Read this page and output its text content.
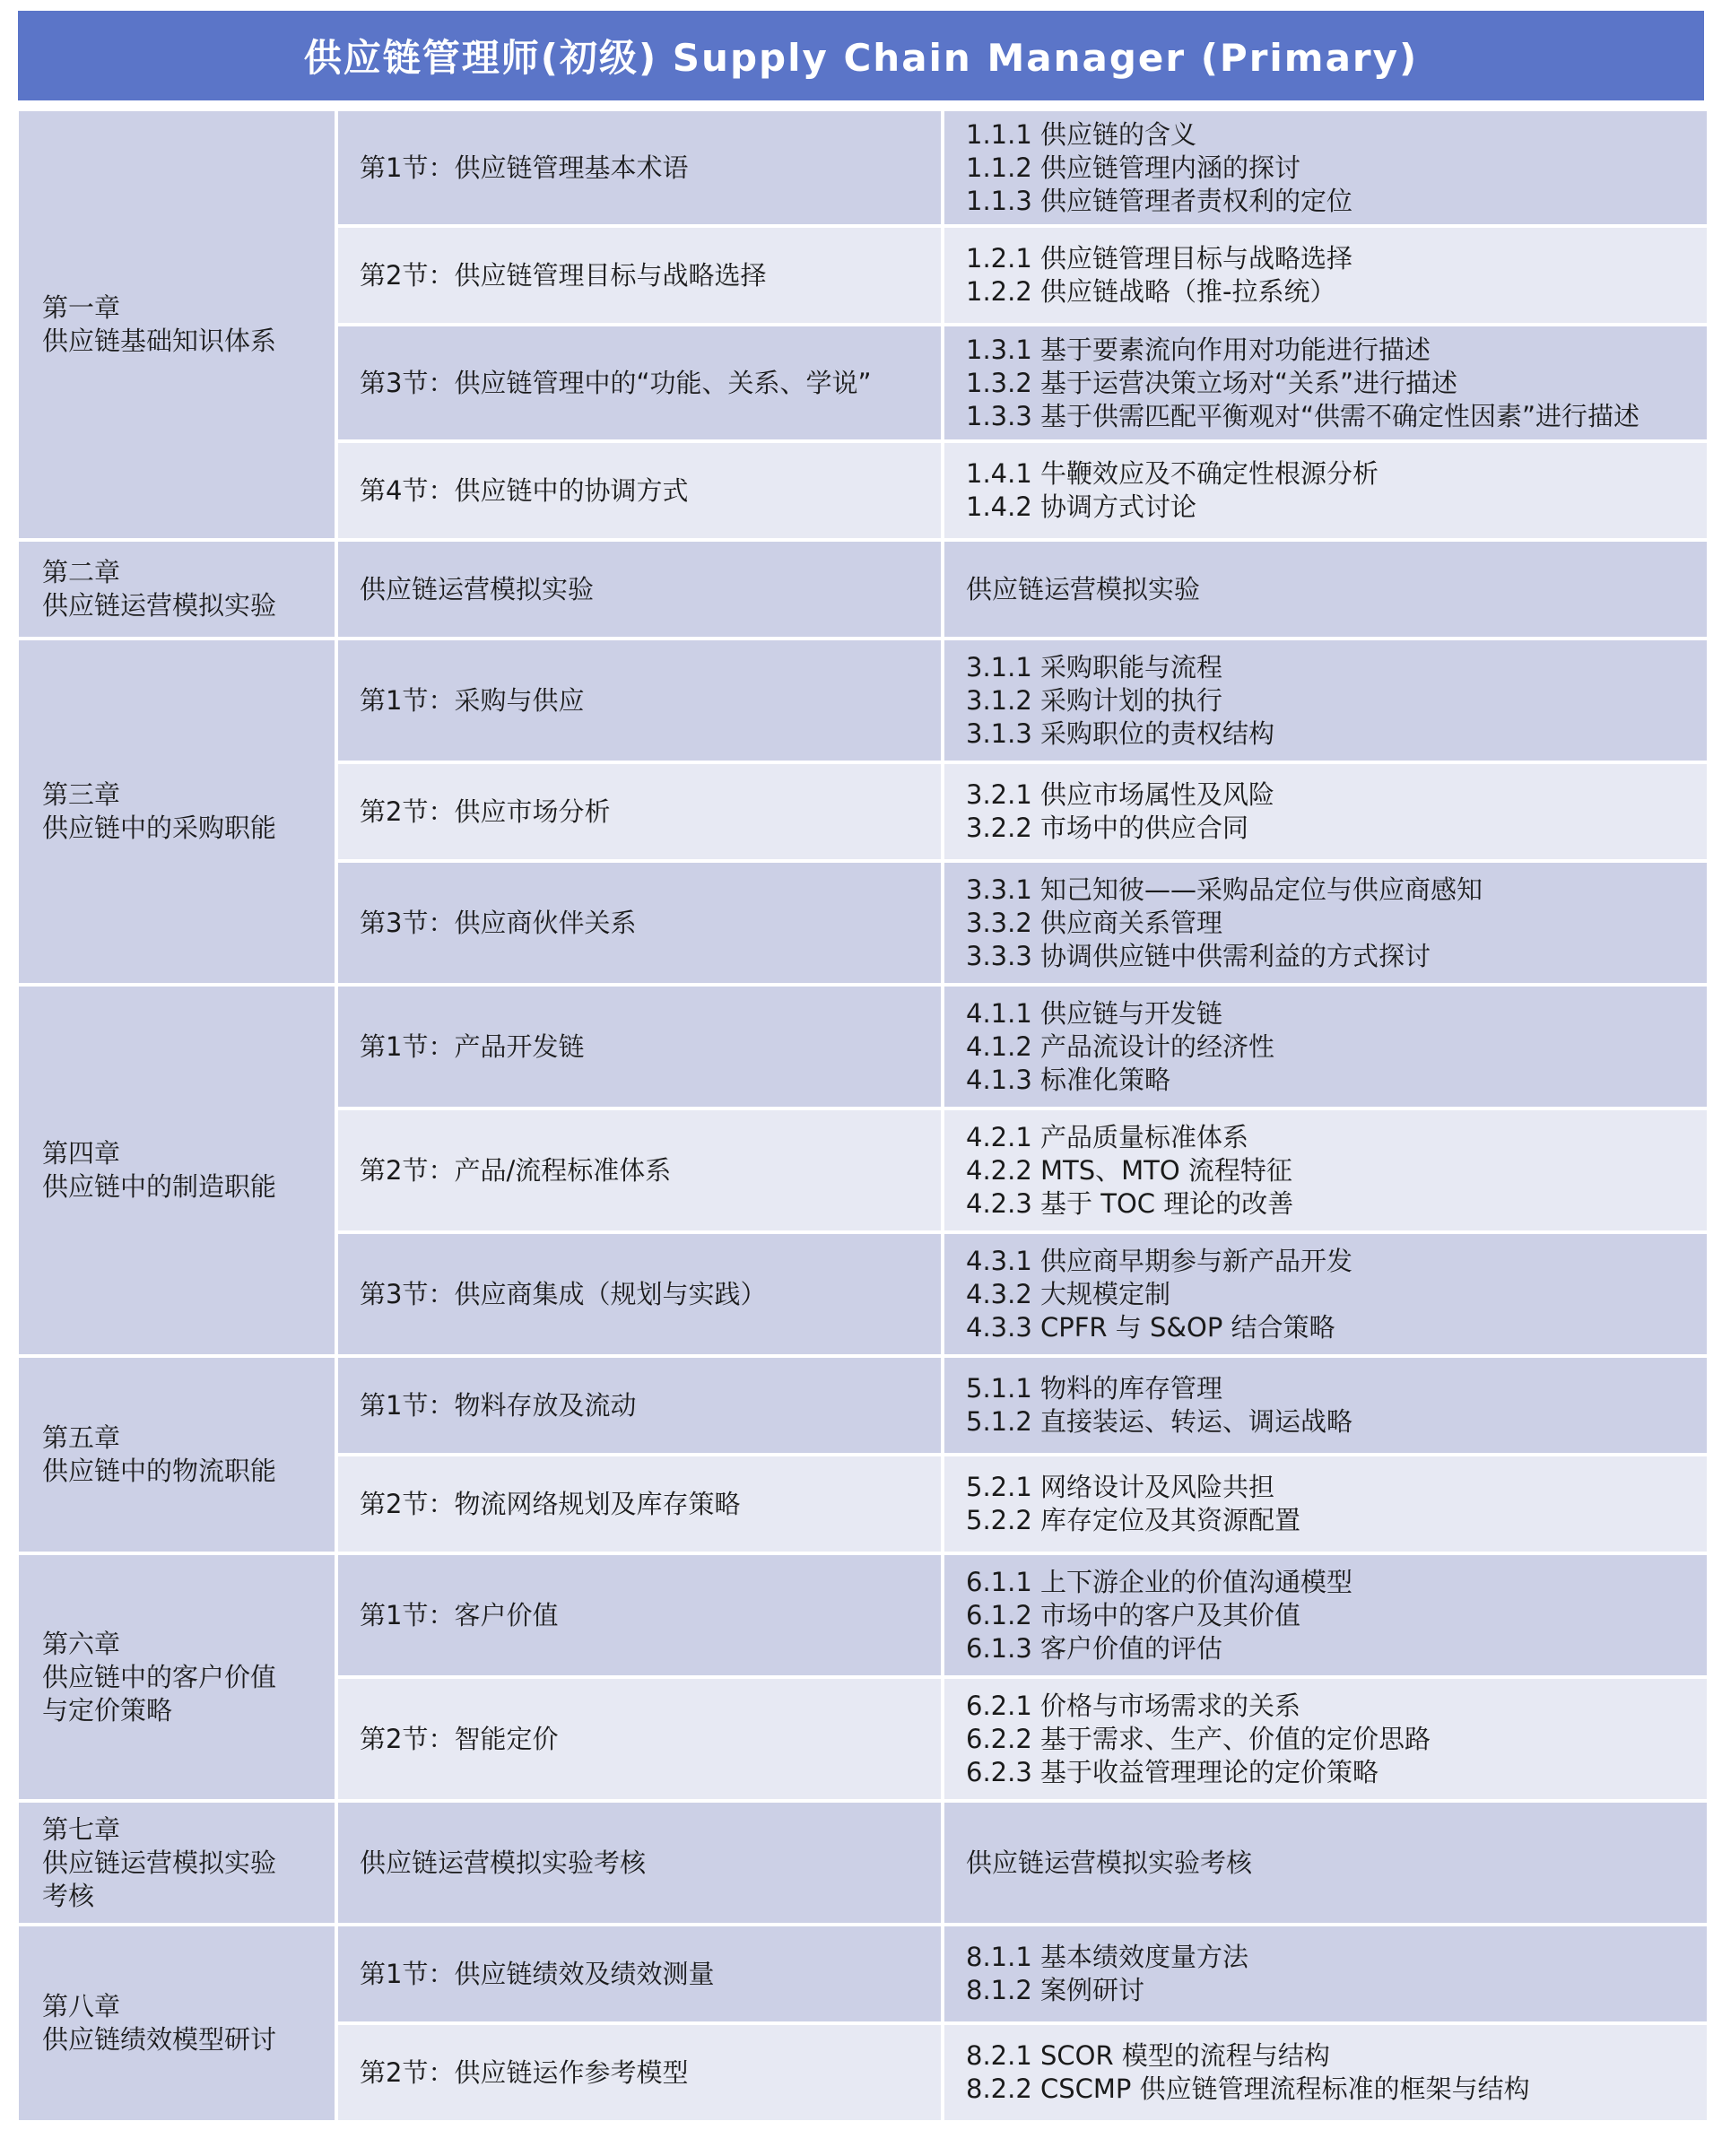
供应链管理师(初级) Supply Chain Manager (Primary)
第一章
供应链基础知识体系	第1节：供应链管理基本术语	1.1.1 供应链的含义
1.1.2 供应链管理内涵的探讨
1.1.3 供应链管理者责权利的定位

	第2节：供应链管理目标与战略选择	1.2.1 供应链管理目标与战略选择
1.2.2 供应链战略（推-拉系统）

	第3节：供应链管理中的“功能、关系、学说”	1.3.1 基于要素流向作用对功能进行描述
1.3.2 基于运营决策立场对“关系”进行描述
1.3.3 基于供需匹配平衡观对“供需不确定性因素”进行描述

	第4节：供应链中的协调方式	1.4.1 牛鞭效应及不确定性根源分析
1.4.2 协调方式讨论

第二章
供应链运营模拟实验	供应链运营模拟实验	供应链运营模拟实验

第三章
供应链中的采购职能	第1节：采购与供应	3.1.1 采购职能与流程
3.1.2 采购计划的执行
3.1.3 采购职位的责权结构

	第2节：供应市场分析	3.2.1 供应市场属性及风险
3.2.2 市场中的供应合同

	第3节：供应商伙伴关系	3.3.1 知己知彼——采购品定位与供应商感知
3.3.2 供应商关系管理
3.3.3 协调供应链中供需利益的方式探讨

第四章
供应链中的制造职能	第1节：产品开发链	4.1.1 供应链与开发链
4.1.2 产品流设计的经济性
4.1.3 标准化策略

	第2节：产品/流程标准体系	4.2.1 产品质量标准体系
4.2.2 MTS、MTO 流程特征
4.2.3 基于 TOC 理论的改善

	第3节：供应商集成（规划与实践）	4.3.1 供应商早期参与新产品开发
4.3.2 大规模定制
4.3.3 CPFR 与 S&OP 结合策略

第五章
供应链中的物流职能	第1节：物料存放及流动	5.1.1 物料的库存管理
5.1.2 直接装运、转运、调运战略

	第2节：物流网络规划及库存策略	5.2.1 网络设计及风险共担
5.2.2 库存定位及其资源配置

第六章
供应链中的客户价值
与定价策略	第1节：客户价值	6.1.1 上下游企业的价值沟通模型
6.1.2 市场中的客户及其价值
6.1.3 客户价值的评估

	第2节：智能定价	6.2.1 价格与市场需求的关系
6.2.2 基于需求、生产、价值的定价思路
6.2.3 基于收益管理理论的定价策略

第七章
供应链运营模拟实验
考核	供应链运营模拟实验考核	供应链运营模拟实验考核

第八章
供应链绩效模型研讨	第1节：供应链绩效及绩效测量	8.1.1 基本绩效度量方法
8.1.2 案例研讨

	第2节：供应链运作参考模型	8.2.1 SCOR 模型的流程与结构
8.2.2 CSCMP 供应链管理流程标准的框架与结构
